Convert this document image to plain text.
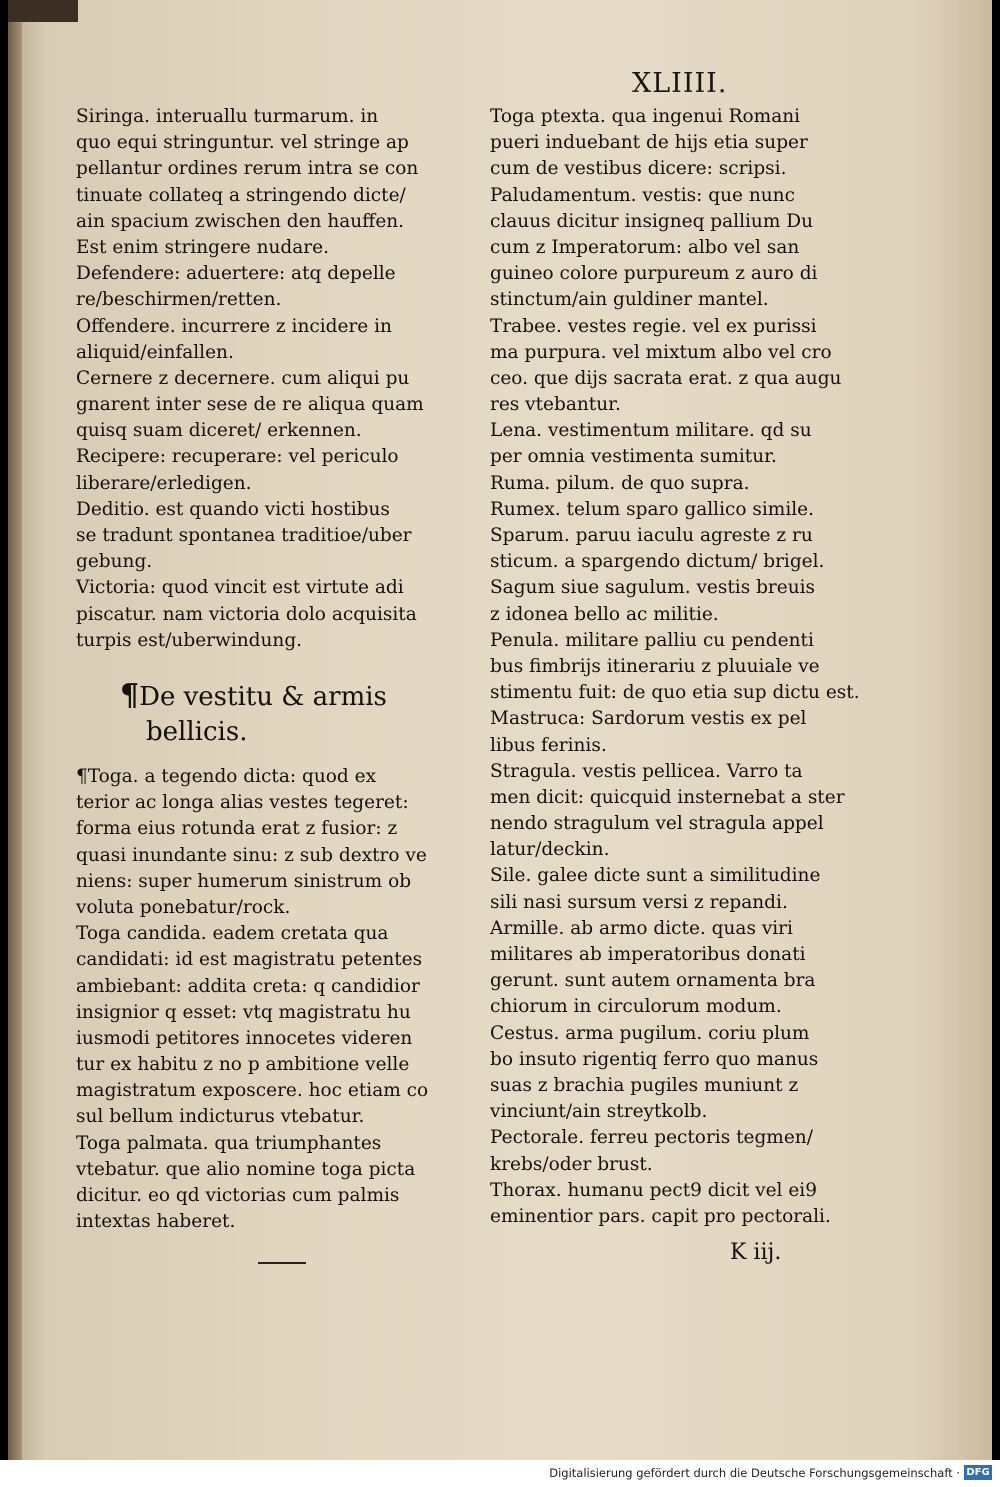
XLIIII.
Siringa. interuallu turmarum. in
quo equi stringuntur. vel stringe ap
pellantur ordines rerum intra se con
tinuate collateq a stringendo dicte/
ain spacium zwischen den hauffen.
Est enim stringere nudare.
Defendere: aduertere: atq depelle
re/beschirmen/retten.
Offendere. incurrere z incidere in
aliquid/einfallen.
Cernere z decernere. cum aliqui pu
gnarent inter sese de re aliqua quam
quisq suam diceret/ erkennen.
Recipere: recuperare: vel periculo
liberare/erledigen.
Deditio. est quando victi hostibus
se tradunt spontanea traditioe/uber
gebung.
Victoria: quod vincit est virtute adi
piscatur. nam victoria dolo acquisita
turpis est/uberwindung.
¶De vestitu & armis
bellicis.
¶Toga. a tegendo dicta: quod ex
terior ac longa alias vestes tegeret:
forma eius rotunda erat z fusior: z
quasi inundante sinu: z sub dextro ve
niens: super humerum sinistrum ob
voluta ponebatur/rock.
Toga candida. eadem cretata qua
candidati: id est magistratu petentes
ambiebant: addita creta: q candidior
insignior q esset: vtq magistratu hu
iusmodi petitores innocetes videren
tur ex habitu z no p ambitione velle
magistratum exposcere. hoc etiam co
sul bellum indicturus vtebatur.
Toga palmata. qua triumphantes
vtebatur. que alio nomine toga picta
dicitur. eo qd victorias cum palmis
intextas haberet.
Toga ptexta. qua ingenui Romani
pueri induebant de hijs etia super
cum de vestibus dicere: scripsi.
Paludamentum. vestis: que nunc
clauus dicitur insigneq pallium Du
cum z Imperatorum: albo vel san
guineo colore purpureum z auro di
stinctum/ain guldiner mantel.
Trabee. vestes regie. vel ex purissi
ma purpura. vel mixtum albo vel cro
ceo. que dijs sacrata erat. z qua augu
res vtebantur.
Lena. vestimentum militare. qd su
per omnia vestimenta sumitur.
Ruma. pilum. de quo supra.
Rumex. telum sparo gallico simile.
Sparum. paruu iaculu agreste z ru
sticum. a spargendo dictum/ brigel.
Sagum siue sagulum. vestis breuis
z idonea bello ac militie.
Penula. militare palliu cu pendenti
bus fimbrijs itinerariu z pluuiale ve
stimentu fuit: de quo etia sup dictu est.
Mastruca: Sardorum vestis ex pel
libus ferinis.
Stragula. vestis pellicea. Varro ta
men dicit: quicquid insternebat a ster
nendo stragulum vel stragula appel
latur/deckin.
Sile. galee dicte sunt a similitudine
sili nasi sursum versi z repandi.
Armille. ab armo dicte. quas viri
militares ab imperatoribus donati
gerunt. sunt autem ornamenta bra
chiorum in circulorum modum.
Cestus. arma pugilum. coriu plum
bo insuto rigentiq ferro quo manus
suas z brachia pugiles muniunt z
vinciunt/ain streytkolb.
Pectorale. ferreu pectoris tegmen/
krebs/oder brust.
Thorax. humanu pect9 dicit vel ei9
eminentior pars. capit pro pectorali.
K iij.
Digitalisierung gefördert durch die Deutsche Forschungsgemeinschaft · DFG
